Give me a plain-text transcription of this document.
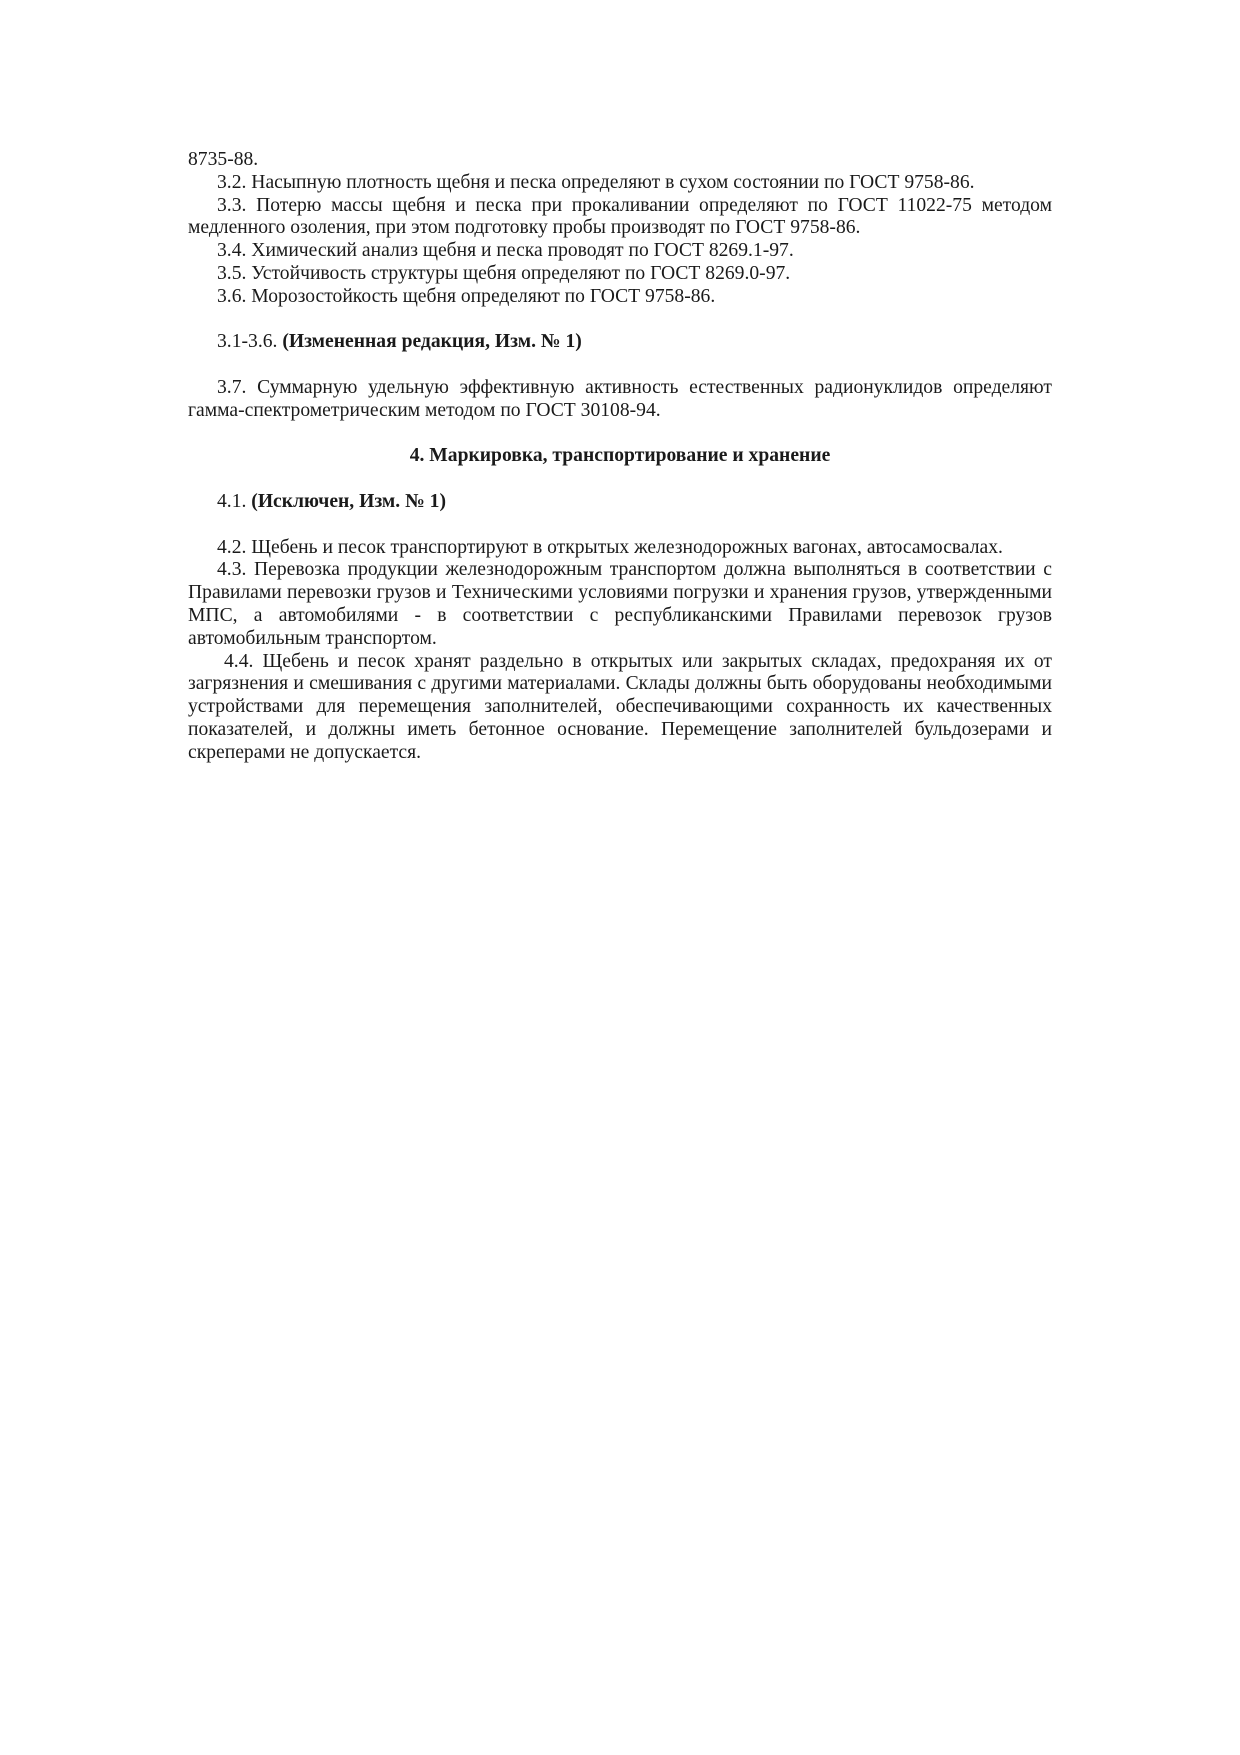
8735-88.

3.2. Насыпную плотность щебня и песка определяют в сухом состоянии по ГОСТ 9758-86.

3.3. Потерю массы щебня и песка при прокаливании определяют по ГОСТ 11022-75 методом медленного озоления, при этом подготовку пробы производят по ГОСТ 9758-86.

3.4. Химический анализ щебня и песка проводят по ГОСТ 8269.1-97.

3.5. Устойчивость структуры щебня определяют по ГОСТ 8269.0-97.

3.6. Морозостойкость щебня определяют по ГОСТ 9758-86.

3.1-3.6. (Измененная редакция, Изм. № 1)

3.7. Суммарную удельную эффективную активность естественных радионуклидов определяют гамма-спектрометрическим методом по ГОСТ 30108-94.

4. Маркировка, транспортирование и хранение

4.1. (Исключен, Изм. № 1)

4.2. Щебень и песок транспортируют в открытых железнодорожных вагонах, автосамосвалах.

4.3. Перевозка продукции железнодорожным транспортом должна выполняться в соответствии с Правилами перевозки грузов и Техническими условиями погрузки и хранения грузов, утвержденными МПС, а автомобилями - в соответствии с республиканскими Правилами перевозок грузов автомобильным транспортом.

4.4. Щебень и песок хранят раздельно в открытых или закрытых складах, предохраняя их от загрязнения и смешивания с другими материалами. Склады должны быть оборудованы необходимыми устройствами для перемещения заполнителей, обеспечивающими сохранность их качественных показателей, и должны иметь бетонное основание. Перемещение заполнителей бульдозерами и скреперами не допускается.
